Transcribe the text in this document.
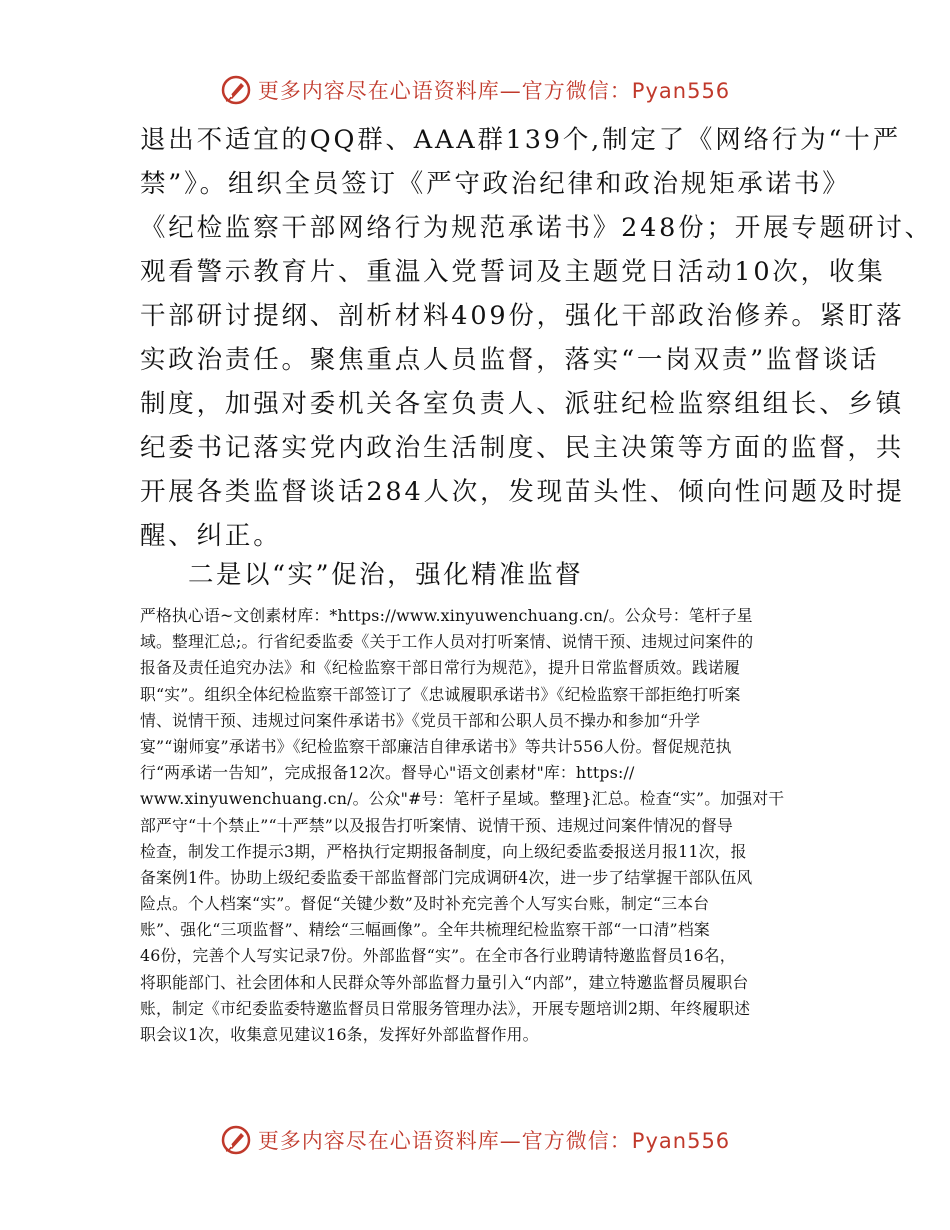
更多内容尽在心语资料库—官方微信：Pyan556
退出不适宜的QQ群、AAA群139个,制定了《网络行为“十严
禁”》。组织全员签订《严守政治纪律和政治规矩承诺书》
《纪检监察干部网络行为规范承诺书》248份；开展专题研讨、
观看警示教育片、重温入党誓词及主题党日活动10次，收集
干部研讨提纲、剖析材料409份，强化干部政治修养。紧盯落
实政治责任。聚焦重点人员监督，落实“一岗双责”监督谈话
制度，加强对委机关各室负责人、派驻纪检监察组组长、乡镇
纪委书记落实党内政治生活制度、民主决策等方面的监督，共
开展各类监督谈话284人次，发现苗头性、倾向性问题及时提
醒、纠正。
二是以“实”促治，强化精准监督
严格执心语~文创素材库：*https://www.xinyuwenchuang.cn/。公众号：笔杆子星
域。整理汇总;。行省纪委监委《关于工作人员对打听案情、说情干预、违规过问案件的
报备及责任追究办法》和《纪检监察干部日常行为规范》，提升日常监督质效。践诺履
职“实”。组织全体纪检监察干部签订了《忠诚履职承诺书》《纪检监察干部拒绝打听案
情、说情干预、违规过问案件承诺书》《党员干部和公职人员不操办和参加“升学
宴”“谢师宴”承诺书》《纪检监察干部廉洁自律承诺书》等共计556人份。督促规范执
行“两承诺一告知”，完成报备12次。督导心"语文创素材"库：https://
www.xinyuwenchuang.cn/。公众"#号：笔杆子星域。整理}汇总。检查“实”。加强对干
部严守“十个禁止”“十严禁”以及报告打听案情、说情干预、违规过问案件情况的督导
检查，制发工作提示3期，严格执行定期报备制度，向上级纪委监委报送月报11次，报
备案例1件。协助上级纪委监委干部监督部门完成调研4次，进一步了结掌握干部队伍风
险点。个人档案“实”。督促“关键少数”及时补充完善个人写实台账，制定“三本台
账”、强化“三项监督”、精绘“三幅画像”。全年共梳理纪检监察干部“一口清”档案
46份，完善个人写实记录7份。外部监督“实”。在全市各行业聘请特邀监督员16名，
将职能部门、社会团体和人民群众等外部监督力量引入“内部”，建立特邀监督员履职台
账，制定《市纪委监委特邀监督员日常服务管理办法》，开展专题培训2期、年终履职述
职会议1次，收集意见建议16条，发挥好外部监督作用。
更多内容尽在心语资料库—官方微信：Pyan556
